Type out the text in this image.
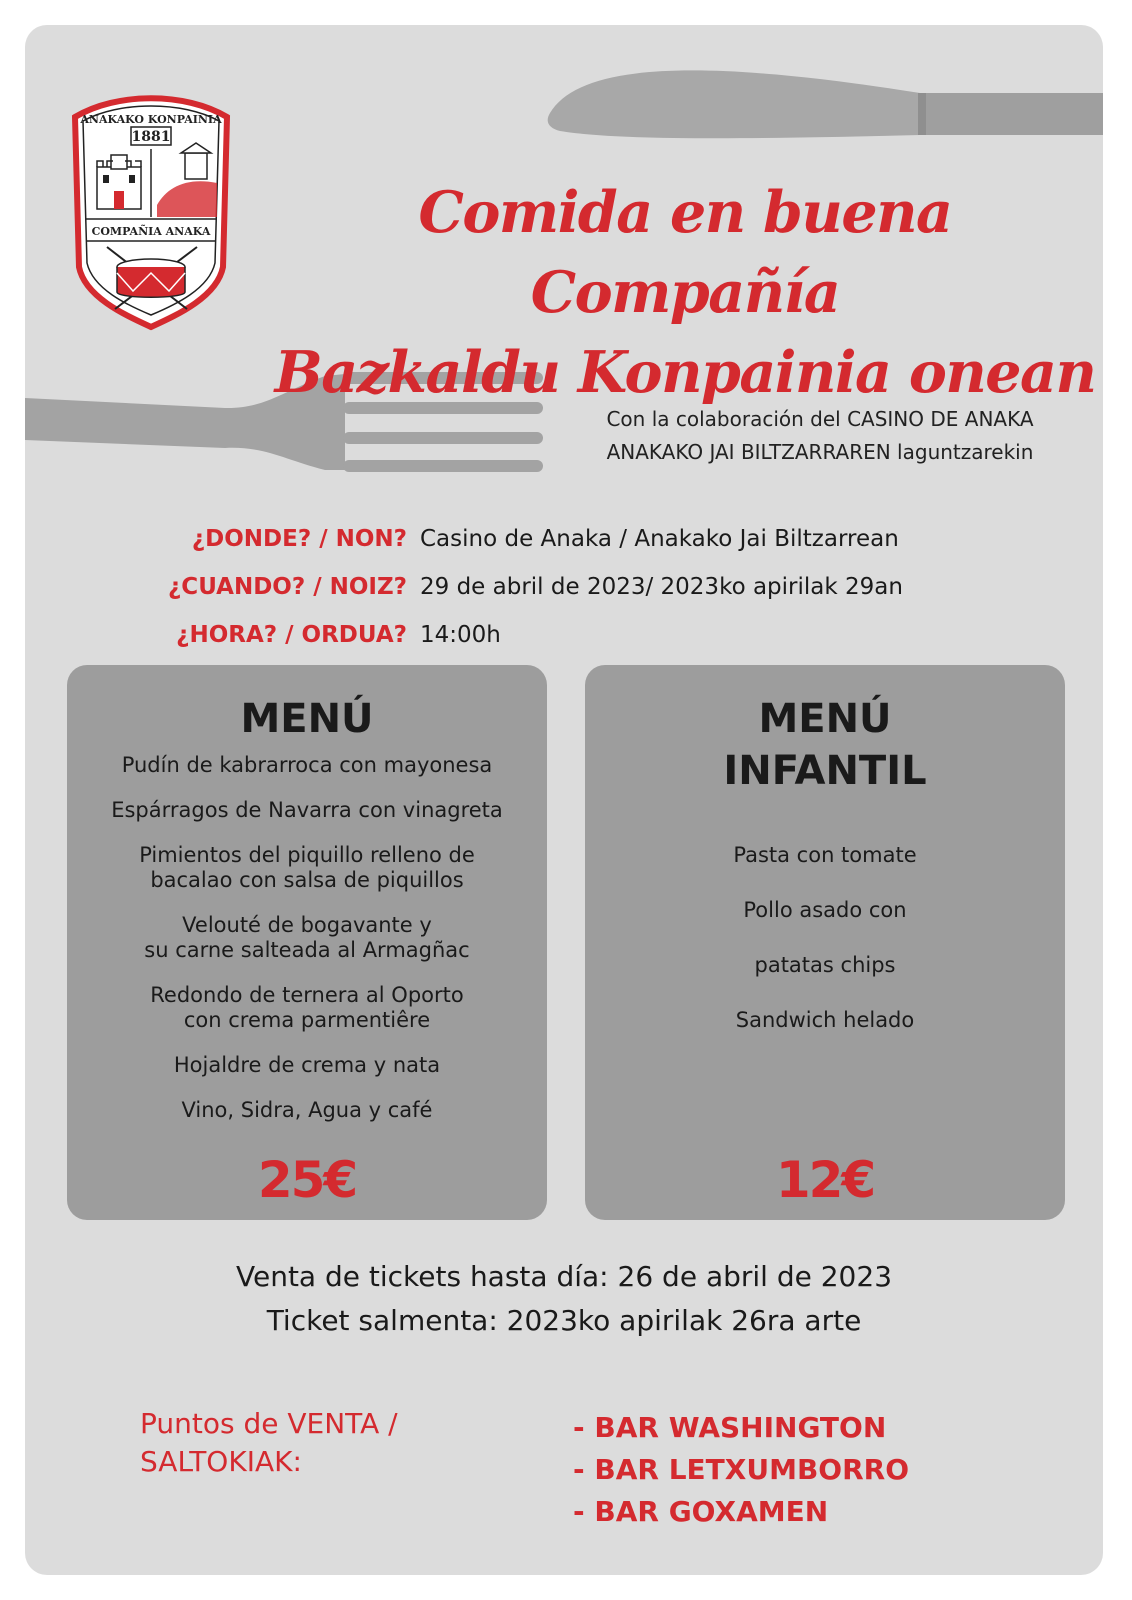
ANAKAKO KONPAINIA
1881
COMPAÑIA ANAKA	Comida en buena Compañía
Bazkaldu Konpainia onean
Con la colaboración del CASINO DE ANAKA
ANAKAKO JAI BILTZARRAREN laguntzarekin
¿DONDE? / NON? Casino de Anaka / Anakako Jai Biltzarrean
¿CUANDO? / NOIZ? 29 de abril de 2023/ 2023ko apirilak 29an
¿HORA? / ORDUA? 14:00h
MENÚ
Pudín de kabrarroca con mayonesa
Espárragos de Navarra con vinagreta
Pimientos del piquillo relleno de
bacalao con salsa de piquillos
Velouté de bogavante y
su carne salteada al Armagñac
Redondo de ternera al Oporto
con crema parmentiêre
Hojaldre de crema y nata
Vino, Sidra, Agua y café
25€
MENÚ
INFANTIL
Pasta con tomate
Pollo asado con
patatas chips
Sandwich helado
12€
Venta de tickets hasta día: 26 de abril de 2023
Ticket salmenta: 2023ko apirilak 26ra arte
Puntos de VENTA /
SALTOKIAK:
- BAR WASHINGTON
- BAR LETXUMBORRO
- BAR GOXAMEN
